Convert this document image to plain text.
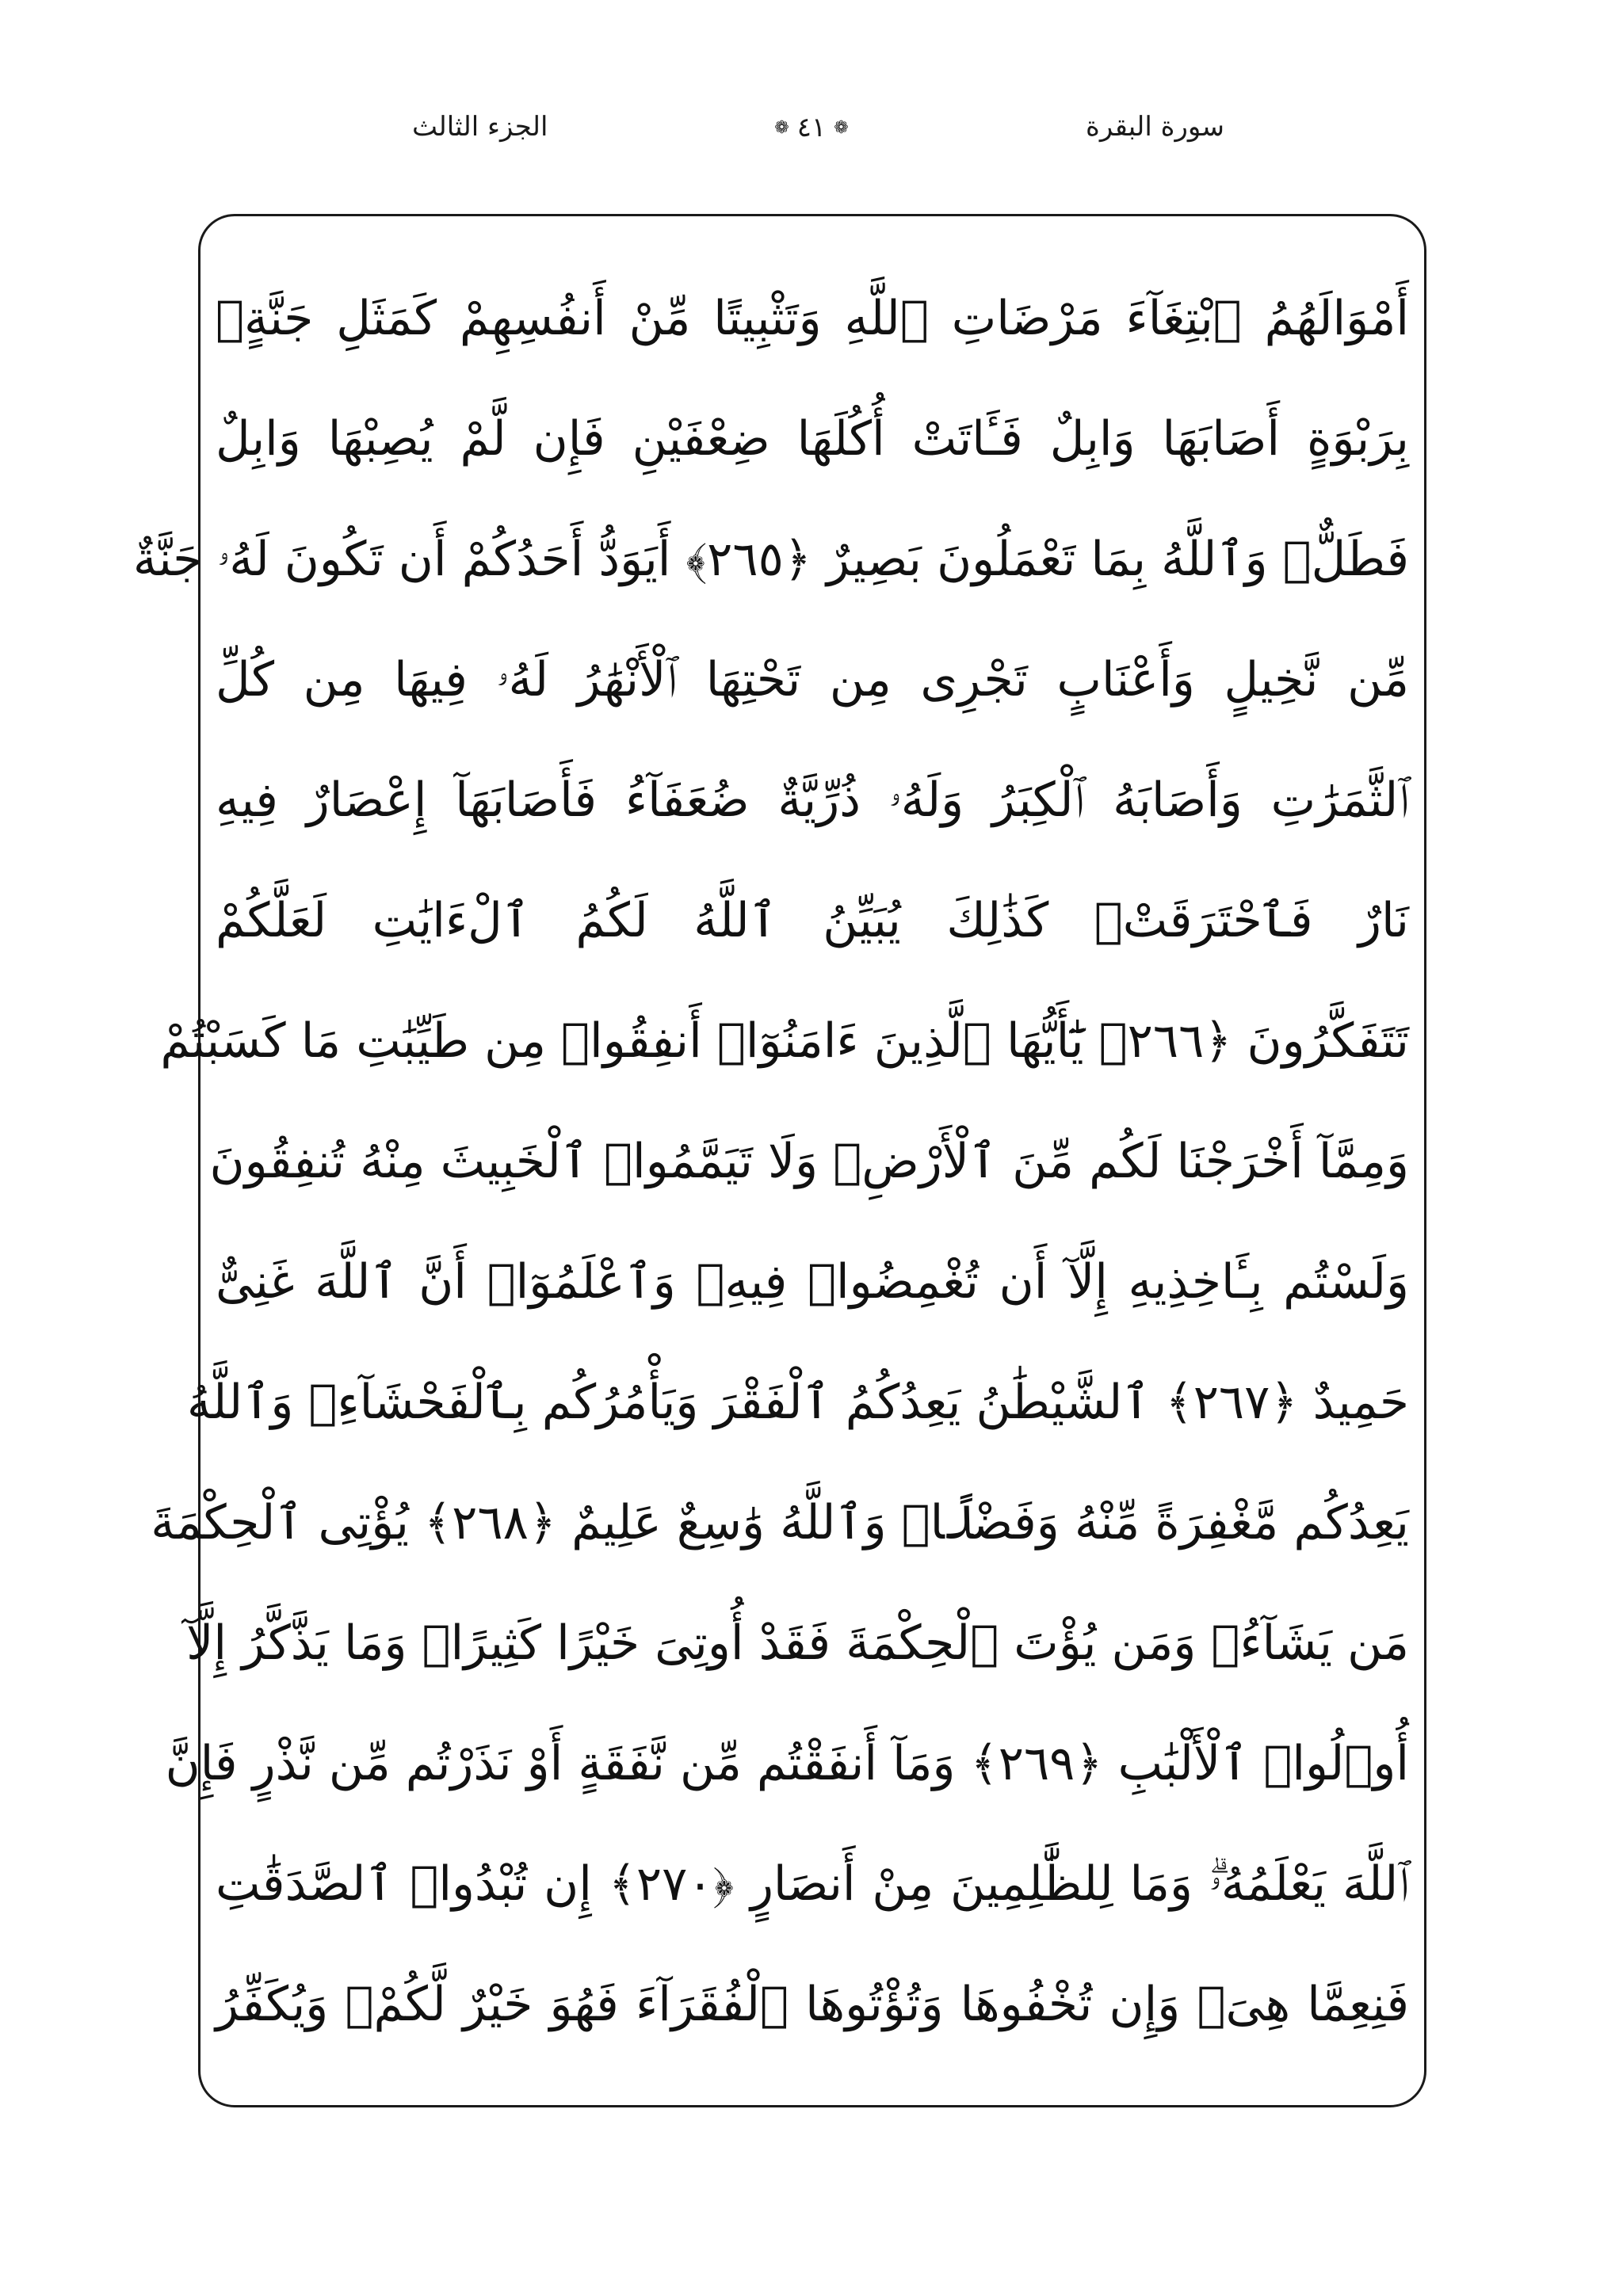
الجزء الثالث	❁ ٤١ ❁	سورة البقرة
أَمْوَالَهُمُ ٱبْتِغَآءَ مَرْضَاتِ ٱللَّهِ وَتَثْبِيتًا مِّنْ أَنفُسِهِمْ كَمَثَلِ جَنَّةٍۭ
بِرَبْوَةٍ أَصَابَهَا وَابِلٌ فَـَٔاتَتْ أُكُلَهَا ضِعْفَيْنِ فَإِن لَّمْ يُصِبْهَا وَابِلٌ
فَطَلٌّۗ وَٱللَّهُ بِمَا تَعْمَلُونَ بَصِيرٌ ﴿٢٦٥﴾ أَيَوَدُّ أَحَدُكُمْ أَن تَكُونَ لَهُۥ جَنَّةٌ
مِّن نَّخِيلٍ وَأَعْنَابٍ تَجْرِى مِن تَحْتِهَا ٱلْأَنْهَٰرُ لَهُۥ فِيهَا مِن كُلِّ
ٱلثَّمَرَٰتِ وَأَصَابَهُ ٱلْكِبَرُ وَلَهُۥ ذُرِّيَّةٌ ضُعَفَآءُ فَأَصَابَهَآ إِعْصَارٌ فِيهِ
نَارٌ فَٱحْتَرَقَتْۗ كَذَٰلِكَ يُبَيِّنُ ٱللَّهُ لَكُمُ ٱلْءَايَٰتِ لَعَلَّكُمْ
تَتَفَكَّرُونَ ﴿٢٦٦﴾ يَٰٓأَيُّهَا ٱلَّذِينَ ءَامَنُوٓا۟ أَنفِقُوا۟ مِن طَيِّبَٰتِ مَا كَسَبْتُمْ
وَمِمَّآ أَخْرَجْنَا لَكُم مِّنَ ٱلْأَرْضِۖ وَلَا تَيَمَّمُوا۟ ٱلْخَبِيثَ مِنْهُ تُنفِقُونَ
وَلَسْتُم بِـَٔاخِذِيهِ إِلَّآ أَن تُغْمِضُوا۟ فِيهِۚ وَٱعْلَمُوٓا۟ أَنَّ ٱللَّهَ غَنِىٌّ
حَمِيدٌ ﴿٢٦٧﴾ ٱلشَّيْطَٰنُ يَعِدُكُمُ ٱلْفَقْرَ وَيَأْمُرُكُم بِٱلْفَحْشَآءِۖ وَٱللَّهُ
يَعِدُكُم مَّغْفِرَةً مِّنْهُ وَفَضْلًاۗ وَٱللَّهُ وَٰسِعٌ عَلِيمٌ ﴿٢٦٨﴾ يُؤْتِى ٱلْحِكْمَةَ
مَن يَشَآءُۚ وَمَن يُؤْتَ ٱلْحِكْمَةَ فَقَدْ أُوتِىَ خَيْرًا كَثِيرًاۗ وَمَا يَذَّكَّرُ إِلَّآ
أُو۟لُوا۟ ٱلْأَلْبَٰبِ ﴿٢٦٩﴾ وَمَآ أَنفَقْتُم مِّن نَّفَقَةٍ أَوْ نَذَرْتُم مِّن نَّذْرٍ فَإِنَّ
ٱللَّهَ يَعْلَمُهُۥۗ وَمَا لِلظَّٰلِمِينَ مِنْ أَنصَارٍ ﴿٢٧٠﴾ إِن تُبْدُوا۟ ٱلصَّدَقَٰتِ
فَنِعِمَّا هِىَۖ وَإِن تُخْفُوهَا وَتُؤْتُوهَا ٱلْفُقَرَآءَ فَهُوَ خَيْرٌ لَّكُمْۚ وَيُكَفِّرُ
